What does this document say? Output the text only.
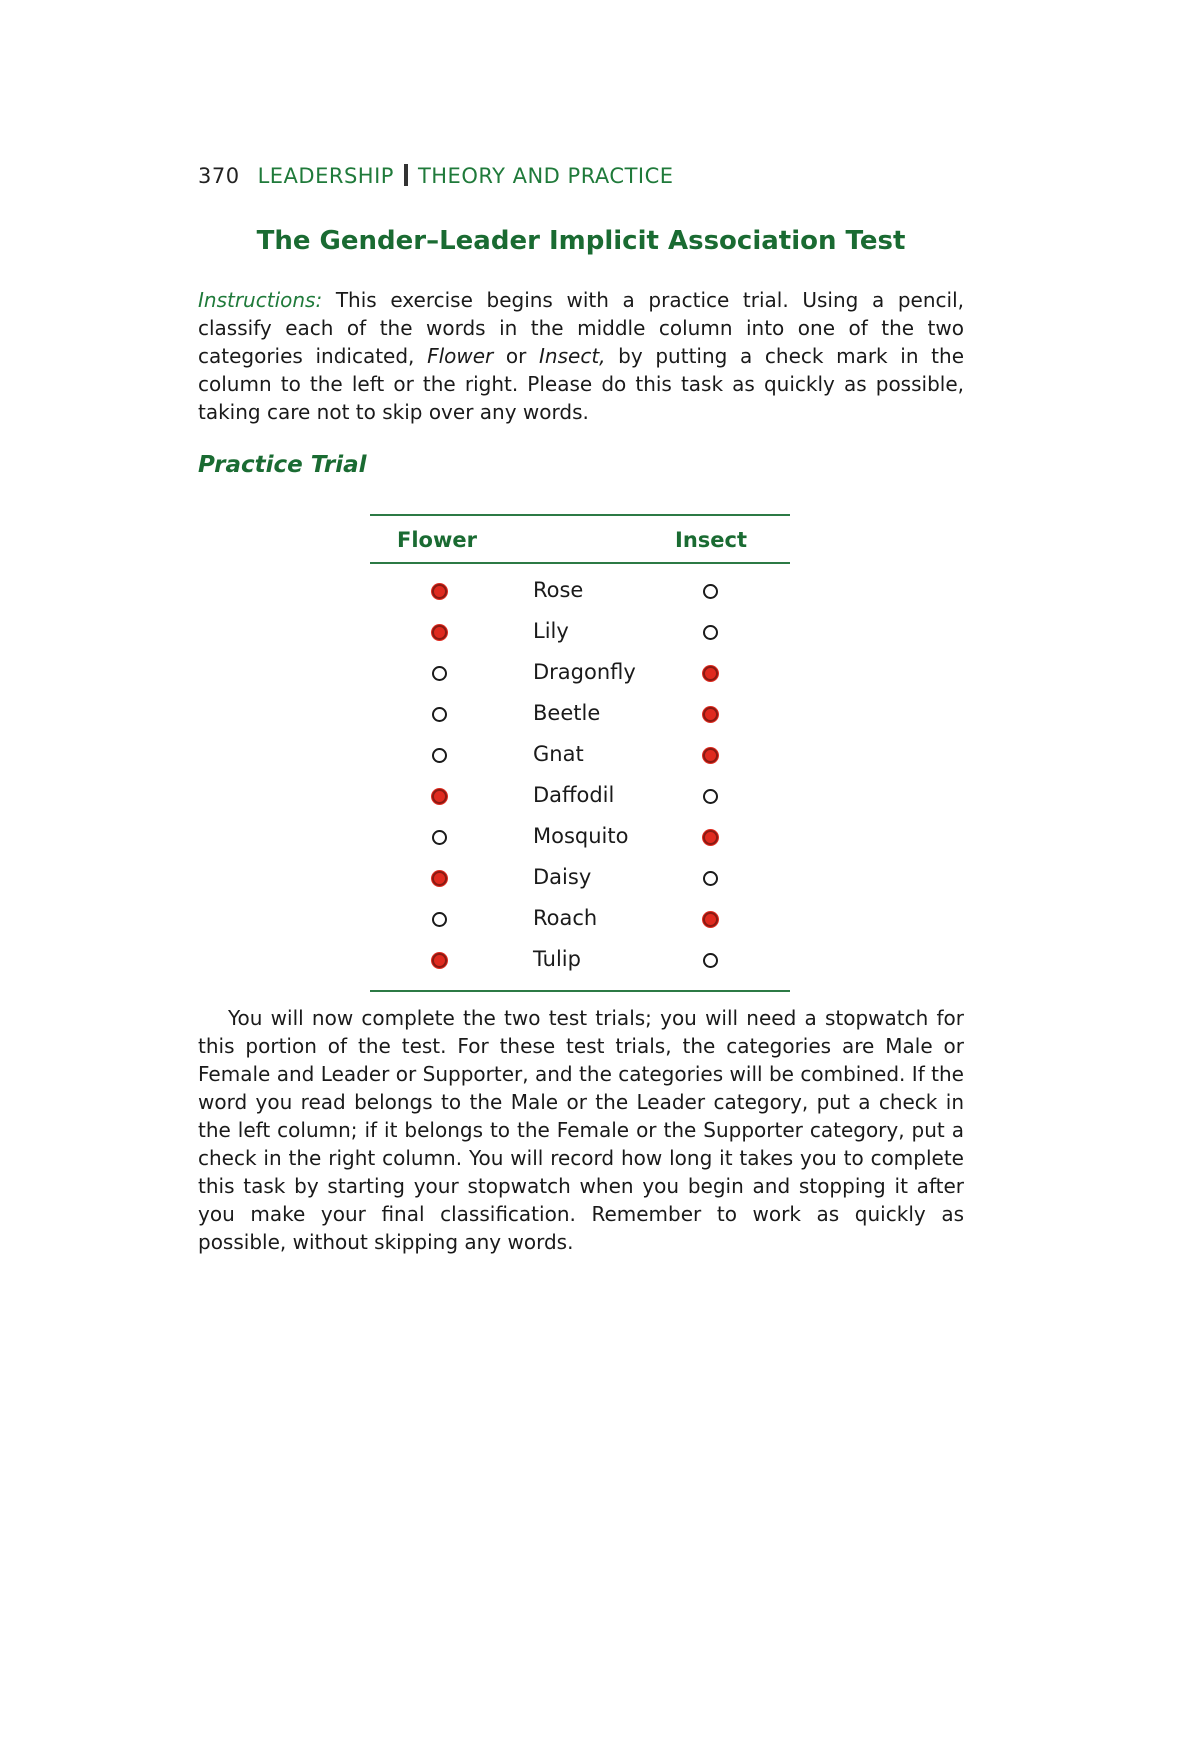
370 LEADERSHIP THEORY AND PRACTICE
The Gender–Leader Implicit Association Test
Instructions: This exercise begins with a practice trial. Using a pencil, classify each of the words in the middle column into one of the two categories indicated, Flower or Insect, by putting a check mark in the column to the left or the right. Please do this task as quickly as possible, taking care not to skip over any words.
Practice Trial
Flower	Insect
Rose
Lily
Dragonfly
Beetle
Gnat
Daffodil
Mosquito
Daisy
Roach
Tulip
You will now complete the two test trials; you will need a stopwatch for this portion of the test. For these test trials, the categories are Male or Female and Leader or Supporter, and the categories will be combined. If the word you read belongs to the Male or the Leader category, put a check in the left column; if it belongs to the Female or the Supporter category, put a check in the right column. You will record how long it takes you to complete this task by starting your stopwatch when you begin and stopping it after you make your final classification. Remember to work as quickly as possible, without skipping any words.
